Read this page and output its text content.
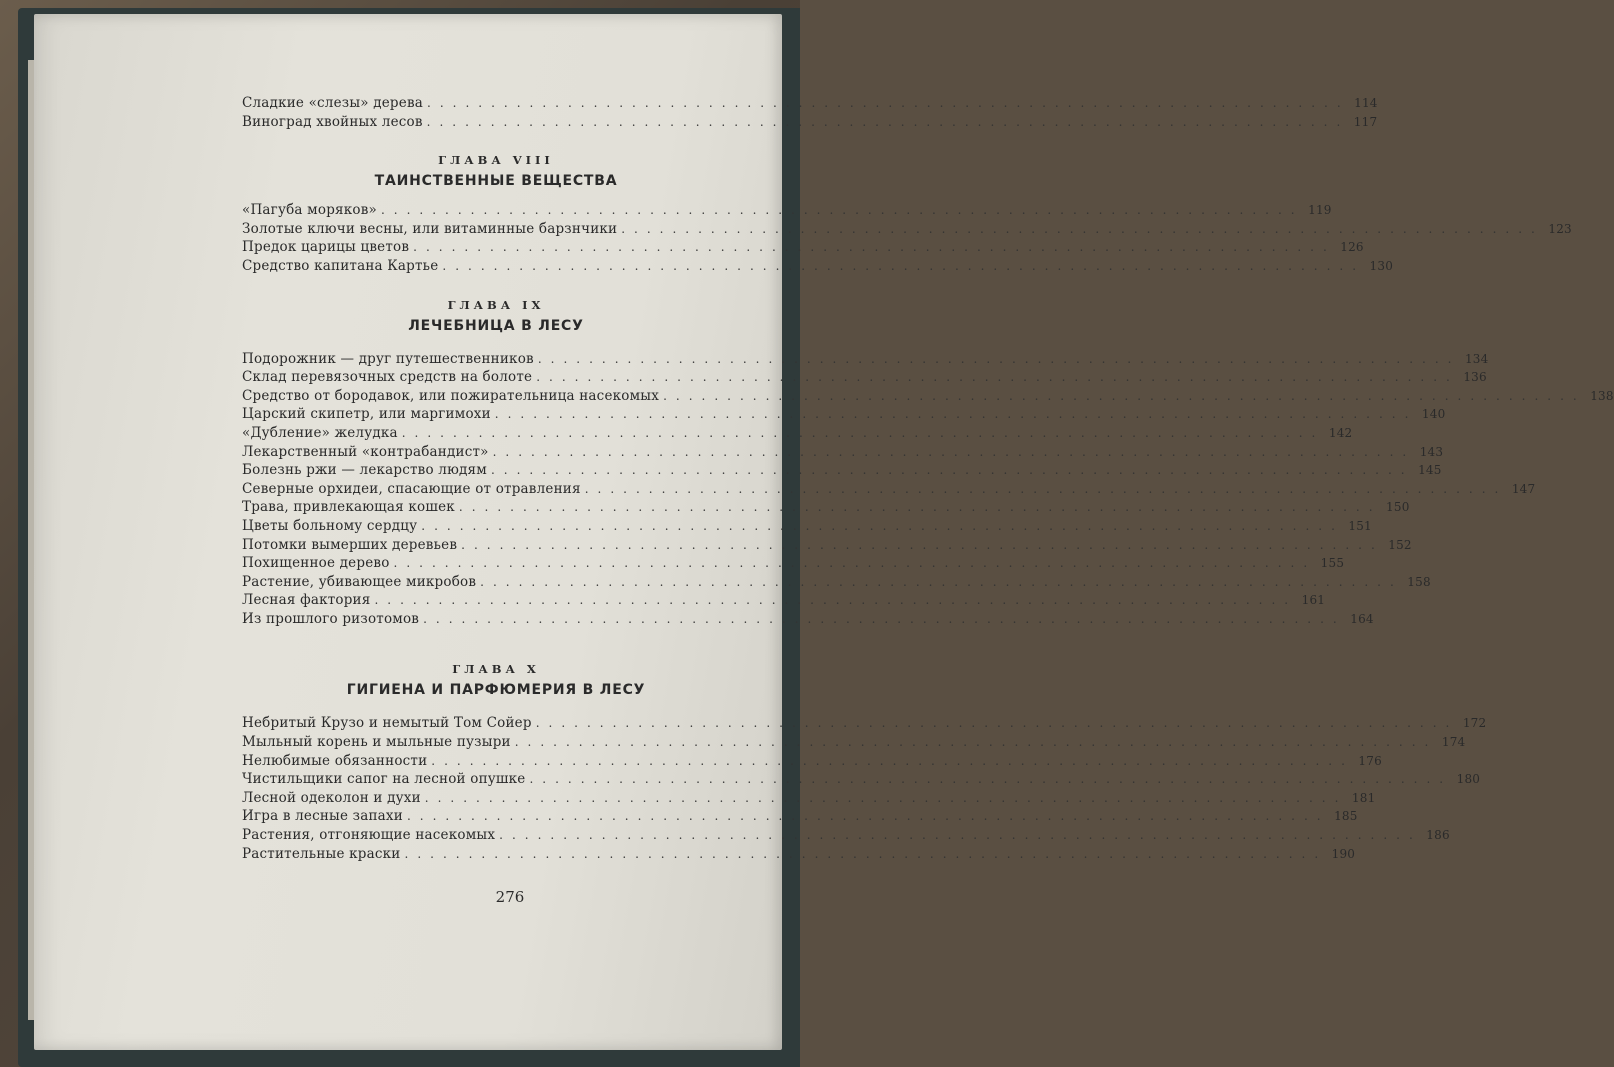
Сладкие «слезы» дерева ........................................................................ 114
Виноград хвойных лесов ........................................................................ 117
ГЛАВА VIII
ТАИНСТВЕННЫЕ ВЕЩЕСТВА
«Пагуба моряков» ........................................................................ 119
Золотые ключи весны, или витаминные барзнчики ........................................................................ 123
Предок царицы цветов ........................................................................ 126
Средство капитана Картье ........................................................................ 130
ГЛАВА IX
ЛЕЧЕБНИЦА В ЛЕСУ
Подорожник — друг путешественников ........................................................................ 134
Склад перевязочных средств на болоте ........................................................................ 136
Средство от бородавок, или пожирательница насекомых ........................................................................ 138
Царский скипетр, или маргимохи ........................................................................ 140
«Дубление» желудка ........................................................................ 142
Лекарственный «контрабандист» ........................................................................ 143
Болезнь ржи — лекарство людям ........................................................................ 145
Северные орхидеи, спасающие от отравления ........................................................................ 147
Трава, привлекающая кошек ........................................................................ 150
Цветы больному сердцу ........................................................................ 151
Потомки вымерших деревьев ........................................................................ 152
Похищенное дерево ........................................................................ 155
Растение, убивающее микробов ........................................................................ 158
Лесная фактория ........................................................................ 161
Из прошлого ризотомов ........................................................................ 164
ГЛАВА X
ГИГИЕНА И ПАРФЮМЕРИЯ В ЛЕСУ
Небритый Крузо и немытый Том Сойер ........................................................................ 172
Мыльный корень и мыльные пузыри ........................................................................ 174
Нелюбимые обязанности ........................................................................ 176
Чистильщики сапог на лесной опушке ........................................................................ 180
Лесной одеколон и духи ........................................................................ 181
Игра в лесные запахи ........................................................................ 185
Растения, отгоняющие насекомых ........................................................................ 186
Растительные краски ........................................................................ 190
276
